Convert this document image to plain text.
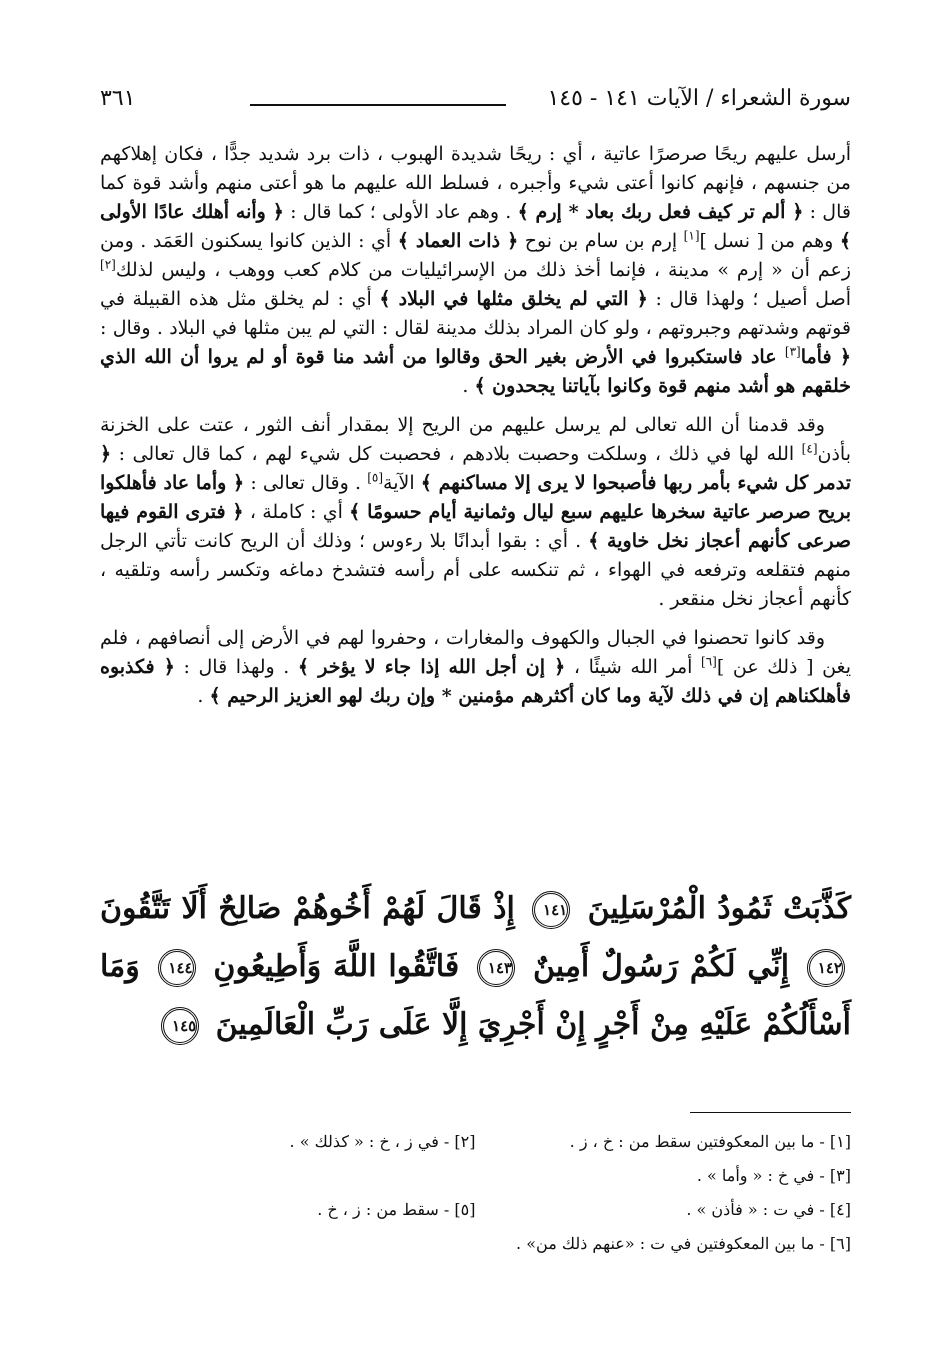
سورة الشعراء / الآيات ١٤١ - ١٤٥
٣٦١

أرسل عليهم ريحًا صرصرًا عاتية ، أي : ريحًا شديدة الهبوب ، ذات برد شديد جدًّا ، فكان إهلاكهم من جنسهم ، فإنهم كانوا أعتى شيء وأجبره ، فسلط الله عليهم ما هو أعتى منهم وأشد قوة كما قال : ﴿ ألم تر كيف فعل ربك بعاد * إرم ﴾ . وهم عاد الأولى ؛ كما قال : ﴿ وأنه أهلك عادًا الأولى ﴾ وهم من [ نسل ][١] إرم بن سام بن نوح ﴿ ذات العماد ﴾ أي : الذين كانوا يسكنون العَمَد . ومن زعم أن « إرم » مدينة ، فإنما أخذ ذلك من الإسرائيليات من كلام كعب ووهب ، وليس لذلك[٢] أصل أصيل ؛ ولهذا قال : ﴿ التي لم يخلق مثلها في البلاد ﴾ أي : لم يخلق مثل هذه القبيلة في قوتهم وشدتهم وجبروتهم ، ولو كان المراد بذلك مدينة لقال : التي لم يبن مثلها في البلاد . وقال : ﴿ فأما[٣] عاد فاستكبروا في الأرض بغير الحق وقالوا من أشد منا قوة أو لم يروا أن الله الذي خلقهم هو أشد منهم قوة وكانوا بآياتنا يجحدون ﴾ .

وقد قدمنا أن الله تعالى لم يرسل عليهم من الريح إلا بمقدار أنف الثور ، عتت على الخزنة بأذن[٤] الله لها في ذلك ، وسلكت وحصبت بلادهم ، فحصبت كل شيء لهم ، كما قال تعالى : ﴿ تدمر كل شيء بأمر ربها فأصبحوا لا يرى إلا مساكنهم ﴾ الآية[٥] . وقال تعالى : ﴿ وأما عاد فأهلكوا بريح صرصر عاتية سخرها عليهم سبع ليال وثمانية أيام حسومًا ﴾ أي : كاملة ، ﴿ فترى القوم فيها صرعى كأنهم أعجاز نخل خاوية ﴾ . أي : بقوا أبدانًا بلا رءوس ؛ وذلك أن الريح كانت تأتي الرجل منهم فتقلعه وترفعه في الهواء ، ثم تنكسه على أم رأسه فتشدخ دماغه وتكسر رأسه وتلقيه ، كأنهم أعجاز نخل منقعر .

وقد كانوا تحصنوا في الجبال والكهوف والمغارات ، وحفروا لهم في الأرض إلى أنصافهم ، فلم يغن [ ذلك عن ][٦] أمر الله شيئًا ، ﴿ إن أجل الله إذا جاء لا يؤخر ﴾ . ولهذا قال : ﴿ فكذبوه فأهلكناهم إن في ذلك لآية وما كان أكثرهم مؤمنين * وإن ربك لهو العزيز الرحيم ﴾ .

كَذَّبَتْ ثَمُودُ الْمُرْسَلِينَ ١٤١ إِذْ قَالَ لَهُمْ أَخُوهُمْ صَالِحٌ أَلَا تَتَّقُونَ ١٤٢ إِنِّي لَكُمْ رَسُولٌ أَمِينٌ ١٤٣ فَاتَّقُوا اللَّهَ وَأَطِيعُونِ ١٤٤ وَمَا أَسْأَلُكُمْ عَلَيْهِ مِنْ أَجْرٍ إِنْ أَجْرِيَ إِلَّا عَلَى رَبِّ الْعَالَمِينَ ١٤٥
[١] - ما بين المعكوفتين سقط من : خ ، ز .
[٢] - في ز ، خ : « كذلك » .
[٣] - في خ : « وأما » .
[٤] - في ت : « فأذن » .
[٥] - سقط من : ز ، خ .
[٦] - ما بين المعكوفتين في ت : «عنهم ذلك من» .
